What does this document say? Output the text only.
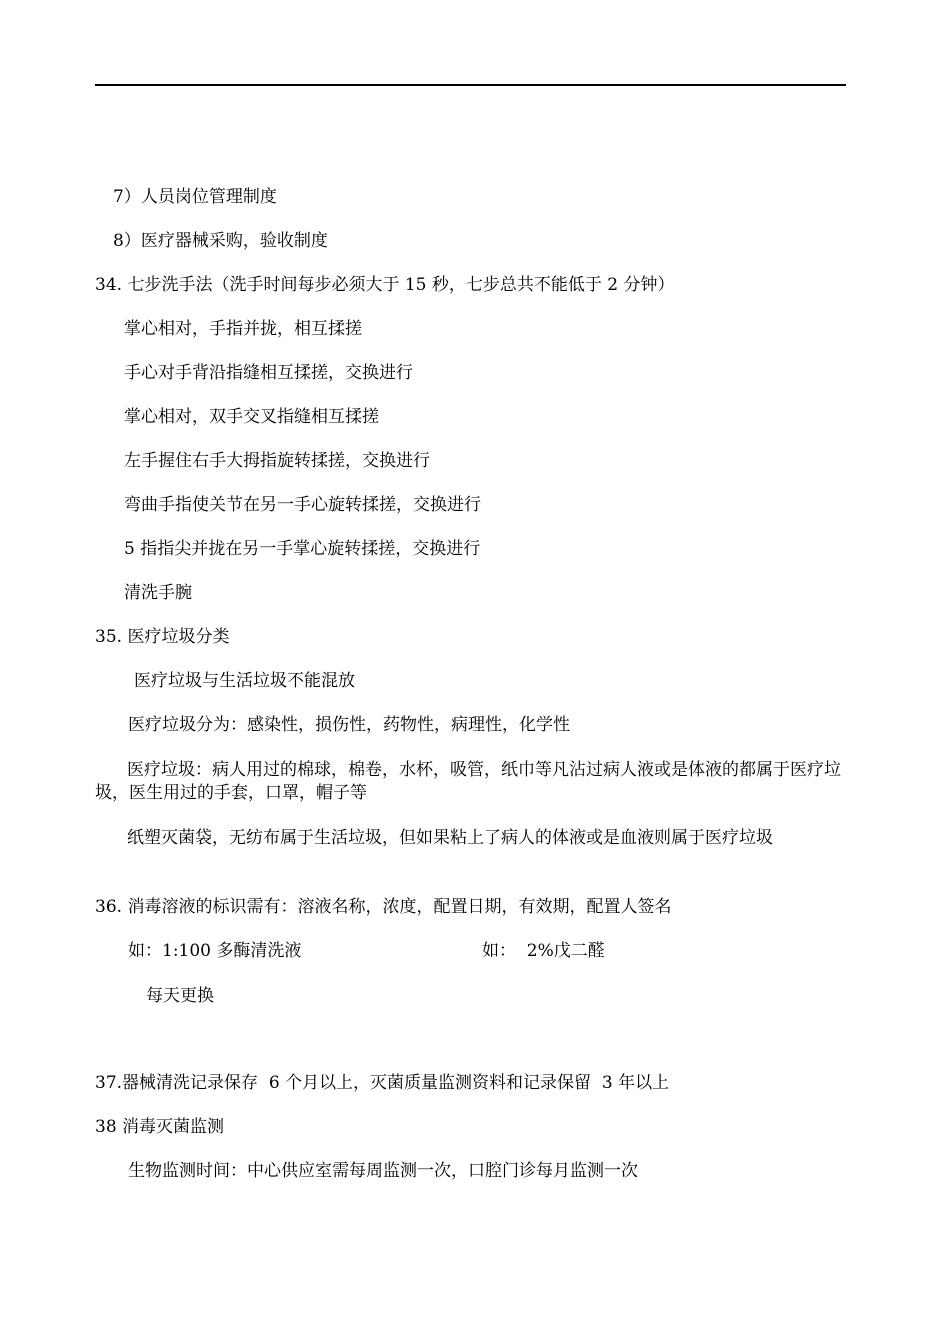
7）人员岗位管理制度
8）医疗器械采购，验收制度
34. 七步洗手法（洗手时间每步必须大于 15 秒，七步总共不能低于 2 分钟）
掌心相对，手指并拢，相互揉搓
手心对手背沿指缝相互揉搓，交换进行
掌心相对，双手交叉指缝相互揉搓
左手握住右手大拇指旋转揉搓，交换进行
弯曲手指使关节在另一手心旋转揉搓，交换进行
5 指指尖并拢在另一手掌心旋转揉搓，交换进行
清洗手腕
35. 医疗垃圾分类
医疗垃圾与生活垃圾不能混放
医疗垃圾分为：感染性，损伤性，药物性，病理性，化学性
医疗垃圾：病人用过的棉球，棉卷，水杯，吸管，纸巾等凡沾过病人液或是体液的都属于医疗垃圾，医生用过的手套，口罩，帽子等
纸塑灭菌袋，无纺布属于生活垃圾，但如果粘上了病人的体液或是血液则属于医疗垃圾
36. 消毒溶液的标识需有：溶液名称，浓度，配置日期，有效期，配置人签名
如：1:100 多酶清洗液	如：  2%戊二醛
每天更换
37.器械清洗记录保存  6 个月以上，灭菌质量监测资料和记录保留  3 年以上
38 消毒灭菌监测
生物监测时间：中心供应室需每周监测一次，口腔门诊每月监测一次
